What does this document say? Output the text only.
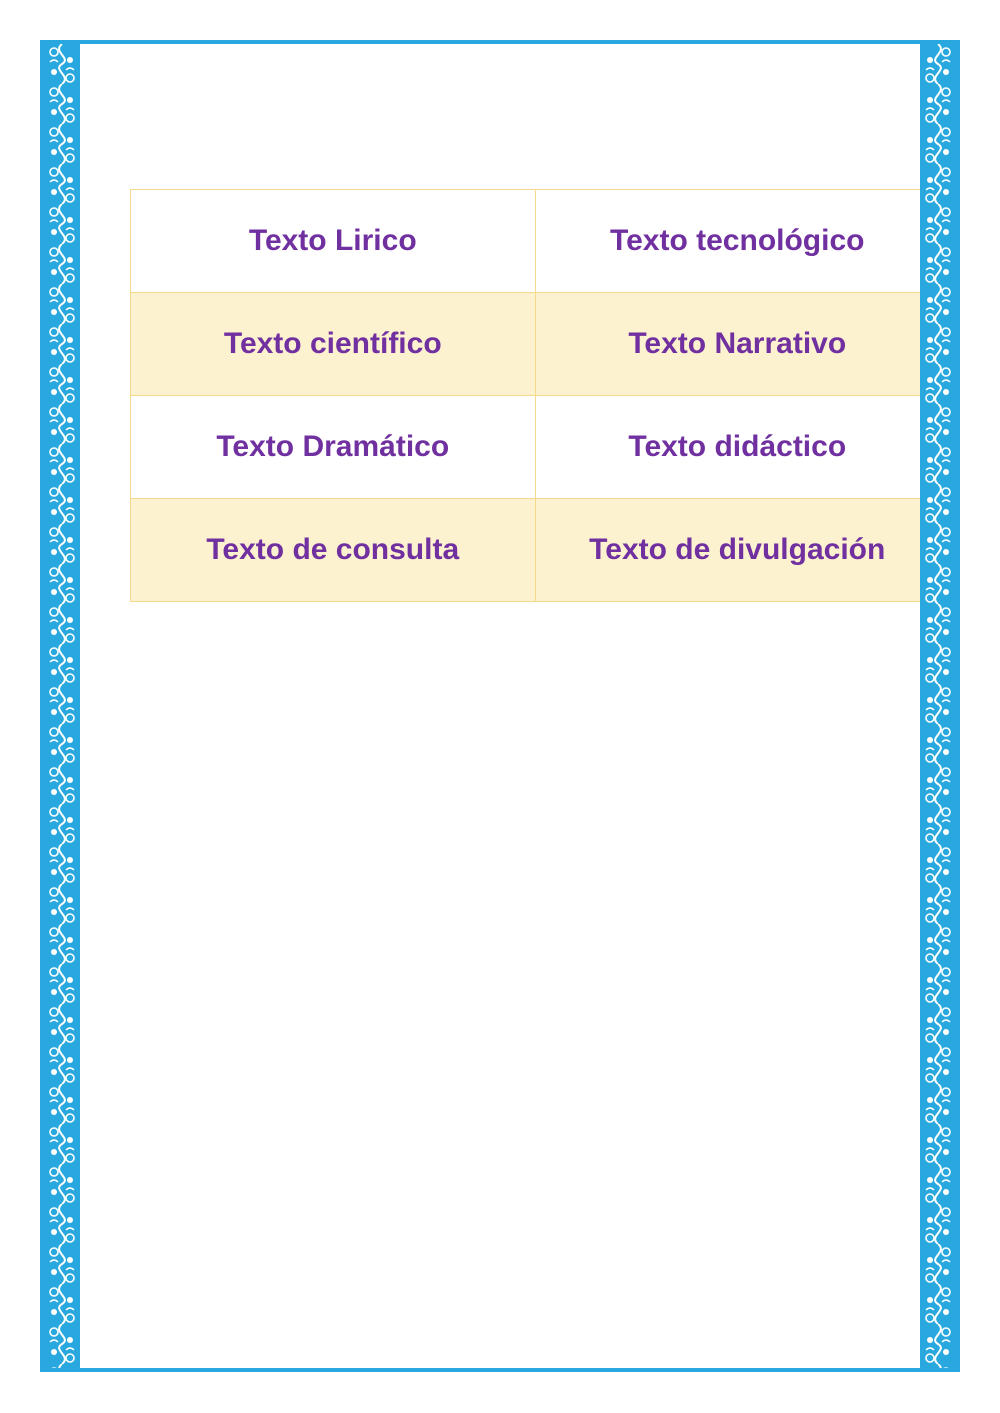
Texto Lirico	Texto tecnológico
Texto científico	Texto Narrativo
Texto Dramático	Texto didáctico
Texto de consulta	Texto de divulgación
